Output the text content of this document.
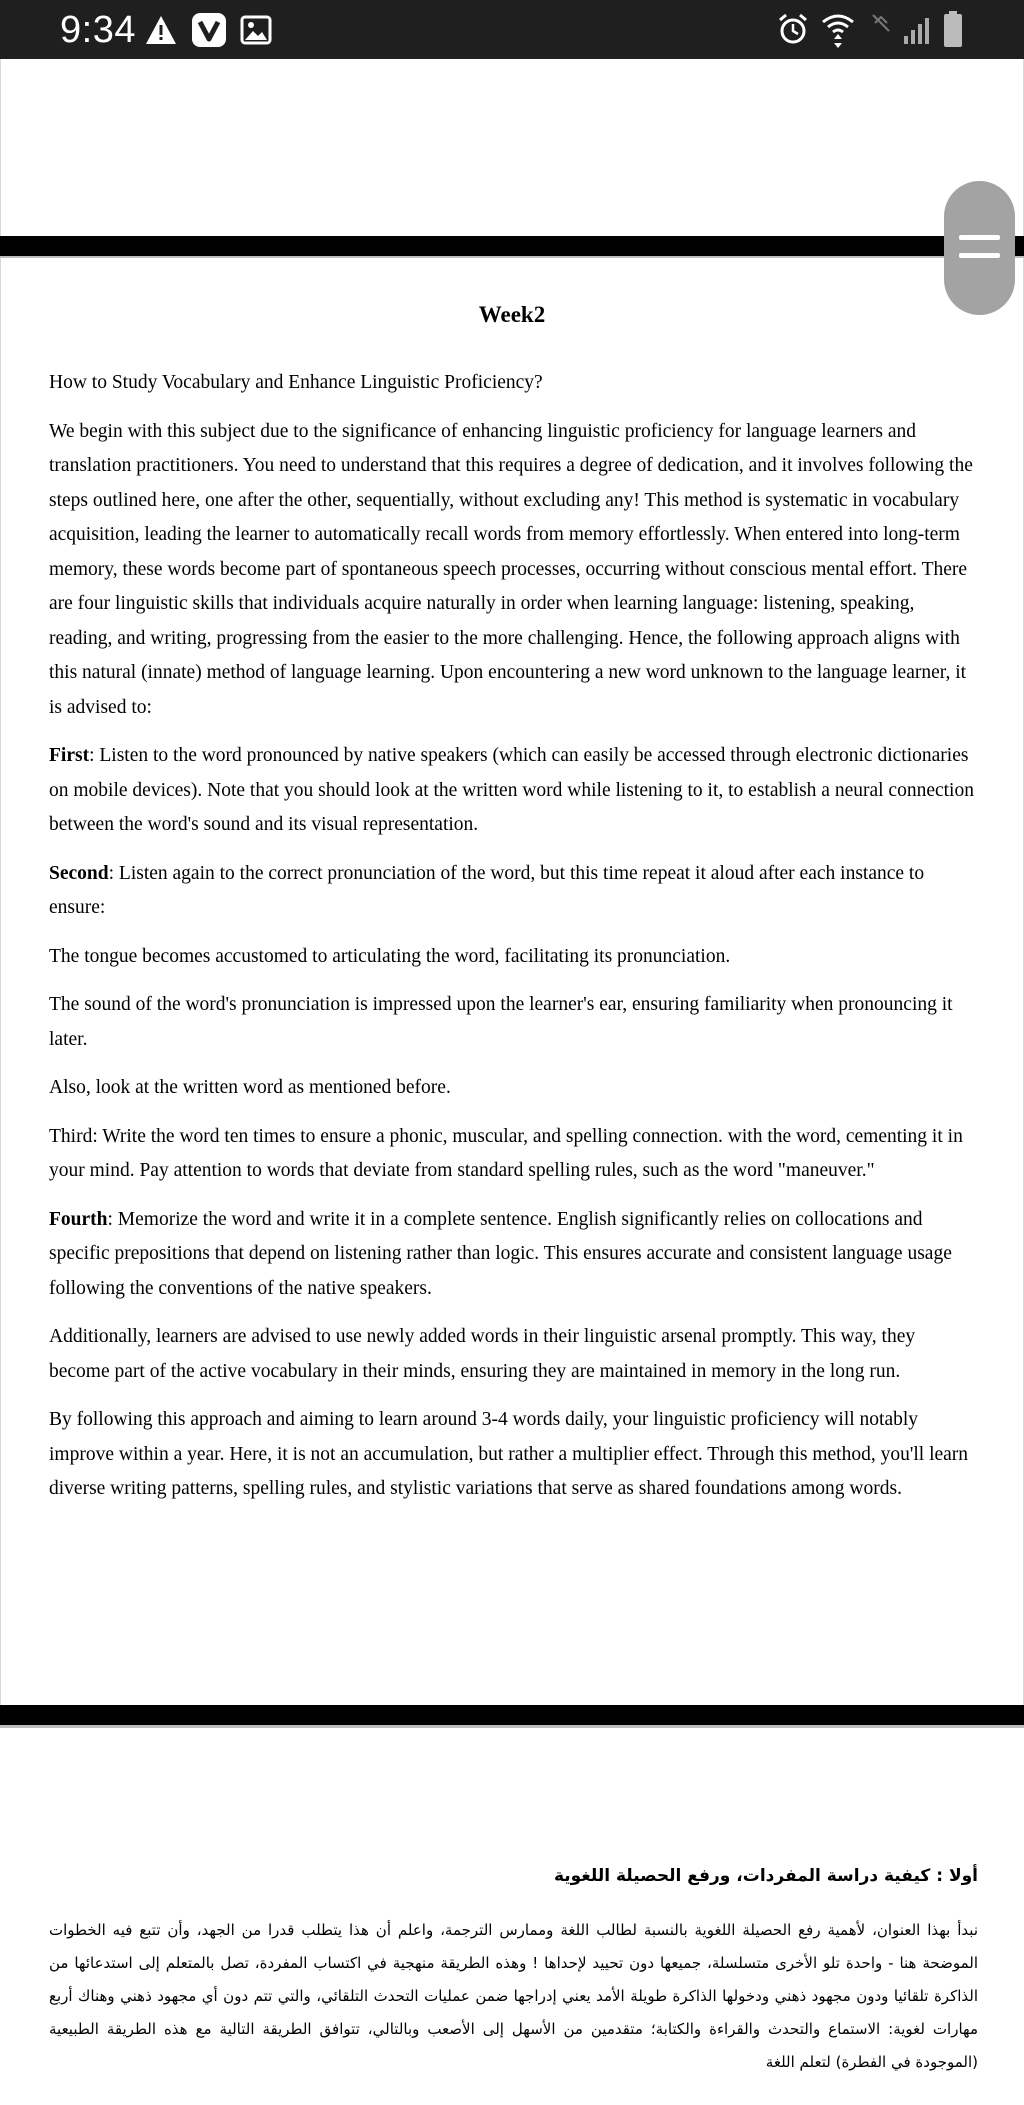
9:34
Week2

How to Study Vocabulary and Enhance Linguistic Proficiency?

We begin with this subject due to the significance of enhancing linguistic proficiency for language learners and translation practitioners. You need to understand that this requires a degree of dedication, and it involves following the steps outlined here, one after the other, sequentially, without excluding any! This method is systematic in vocabulary acquisition, leading the learner to automatically recall words from memory effortlessly. When entered into long-term memory, these words become part of spontaneous speech processes, occurring without conscious mental effort. There are four linguistic skills that individuals acquire naturally in order when learning language: listening, speaking, reading, and writing, progressing from the easier to the more challenging. Hence, the following approach aligns with this natural (innate) method of language learning. Upon encountering a new word unknown to the language learner, it is advised to:

First: Listen to the word pronounced by native speakers (which can easily be accessed through electronic dictionaries on mobile devices). Note that you should look at the written word while listening to it, to establish a neural connection between the word's sound and its visual representation.

Second: Listen again to the correct pronunciation of the word, but this time repeat it aloud after each instance to ensure:

The tongue becomes accustomed to articulating the word, facilitating its pronunciation.

The sound of the word's pronunciation is impressed upon the learner's ear, ensuring familiarity when pronouncing it later.

Also, look at the written word as mentioned before.

Third: Write the word ten times to ensure a phonic, muscular, and spelling connection. with the word, cementing it in your mind. Pay attention to words that deviate from standard spelling rules, such as the word "maneuver."

Fourth: Memorize the word and write it in a complete sentence. English significantly relies on collocations and specific prepositions that depend on listening rather than logic. This ensures accurate and consistent language usage following the conventions of the native speakers.

Additionally, learners are advised to use newly added words in their linguistic arsenal promptly. This way, they become part of the active vocabulary in their minds, ensuring they are maintained in memory in the long run.

By following this approach and aiming to learn around 3-4 words daily, your linguistic proficiency will notably improve within a year. Here, it is not an accumulation, but rather a multiplier effect. Through this method, you'll learn diverse writing patterns, spelling rules, and stylistic variations that serve as shared foundations among words.

أولا : كيفية دراسة المفردات، ورفع الحصيلة اللغوية
نبدأ بهذا العنوان، لأهمية رفع الحصيلة اللغوية بالنسبة لطالب اللغة وممارس الترجمة، واعلم أن هذا يتطلب قدرا من الجهد، وأن تتبع فيه الخطوات الموضحة هنا - واحدة تلو الأخرى متسلسلة، جميعها دون تحييد لإحداها ! وهذه الطريقة منهجية في اكتساب المفردة، تصل بالمتعلم إلى استدعائها من الذاكرة تلقائيا ودون مجهود ذهني ودخولها الذاكرة طويلة الأمد يعني إدراجها ضمن عمليات التحدث التلقائي، والتي تتم دون أي مجهود ذهني وهناك أربع مهارات لغوية: الاستماع والتحدث والقراءة والكتابة؛ متقدمين من الأسهل إلى الأصعب وبالتالي، تتوافق الطريقة التالية مع هذه الطريقة الطبيعية (الموجودة في الفطرة) لتعلم اللغة
